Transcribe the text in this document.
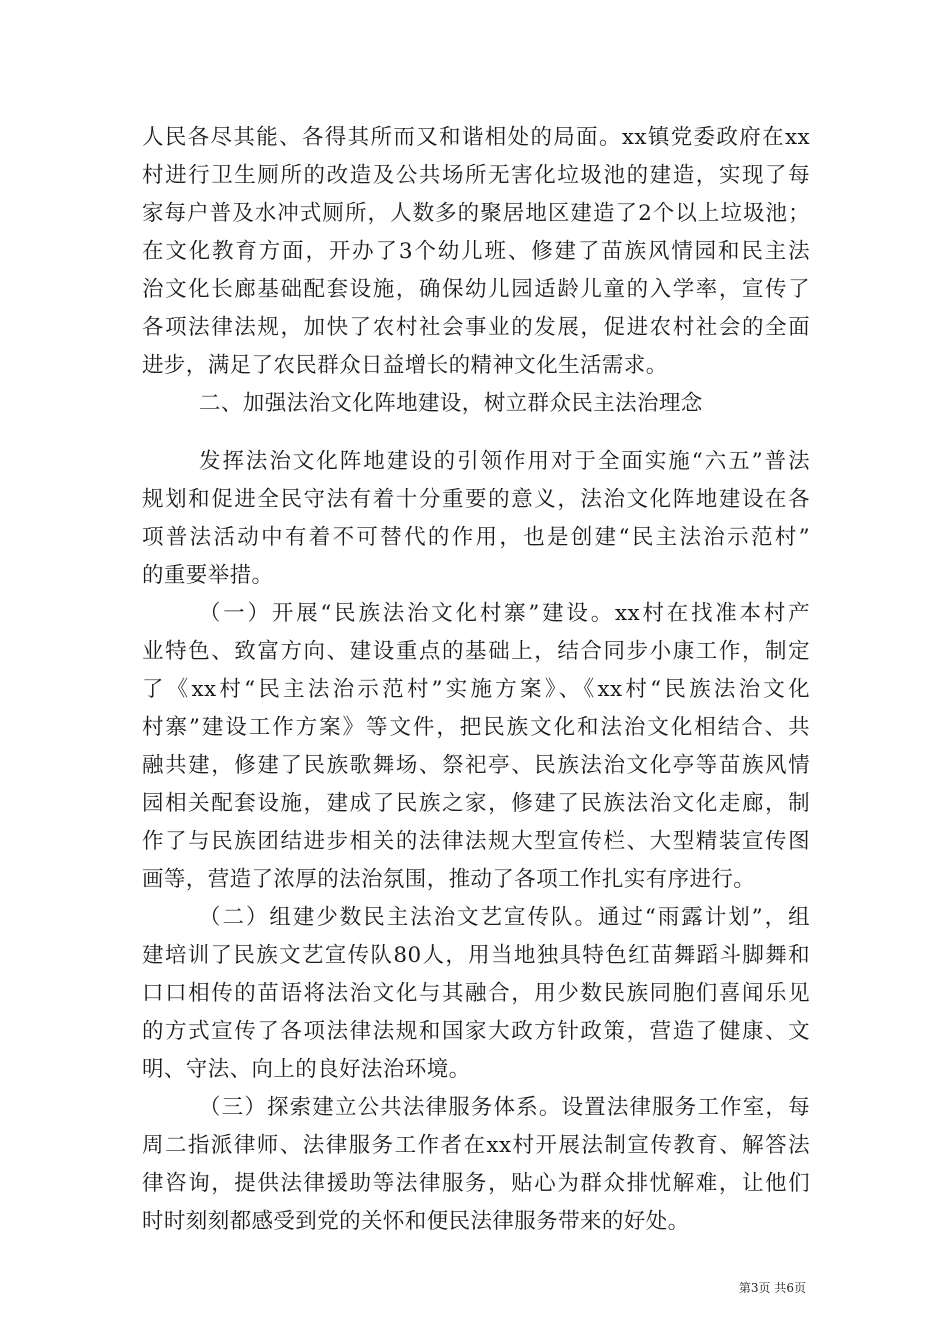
人民各尽其能、各得其所而又和谐相处的局面。xx镇党委政府在xx
村进行卫生厕所的改造及公共场所无害化垃圾池的建造，实现了每
家每户普及水冲式厕所，人数多的聚居地区建造了2个以上垃圾池；
在文化教育方面，开办了3个幼儿班、修建了苗族风情园和民主法
治文化长廊基础配套设施，确保幼儿园适龄儿童的入学率，宣传了
各项法律法规，加快了农村社会事业的发展，促进农村社会的全面
进步，满足了农民群众日益增长的精神文化生活需求。
二、加强法治文化阵地建设，树立群众民主法治理念
发挥法治文化阵地建设的引领作用对于全面实施“六五”普法
规划和促进全民守法有着十分重要的意义，法治文化阵地建设在各
项普法活动中有着不可替代的作用，也是创建“民主法治示范村”
的重要举措。
（一）开展“民族法治文化村寨”建设。xx村在找准本村产
业特色、致富方向、建设重点的基础上，结合同步小康工作，制定
了《xx村“民主法治示范村”实施方案》、《xx村“民族法治文化
村寨”建设工作方案》等文件，把民族文化和法治文化相结合、共
融共建，修建了民族歌舞场、祭祀亭、民族法治文化亭等苗族风情
园相关配套设施，建成了民族之家，修建了民族法治文化走廊，制
作了与民族团结进步相关的法律法规大型宣传栏、大型精装宣传图
画等，营造了浓厚的法治氛围，推动了各项工作扎实有序进行。
（二）组建少数民主法治文艺宣传队。通过“雨露计划”，组
建培训了民族文艺宣传队80人，用当地独具特色红苗舞蹈斗脚舞和
口口相传的苗语将法治文化与其融合，用少数民族同胞们喜闻乐见
的方式宣传了各项法律法规和国家大政方针政策，营造了健康、文
明、守法、向上的良好法治环境。
（三）探索建立公共法律服务体系。设置法律服务工作室，每
周二指派律师、法律服务工作者在xx村开展法制宣传教育、解答法
律咨询，提供法律援助等法律服务，贴心为群众排忧解难，让他们
时时刻刻都感受到党的关怀和便民法律服务带来的好处。
第3页 共6页
